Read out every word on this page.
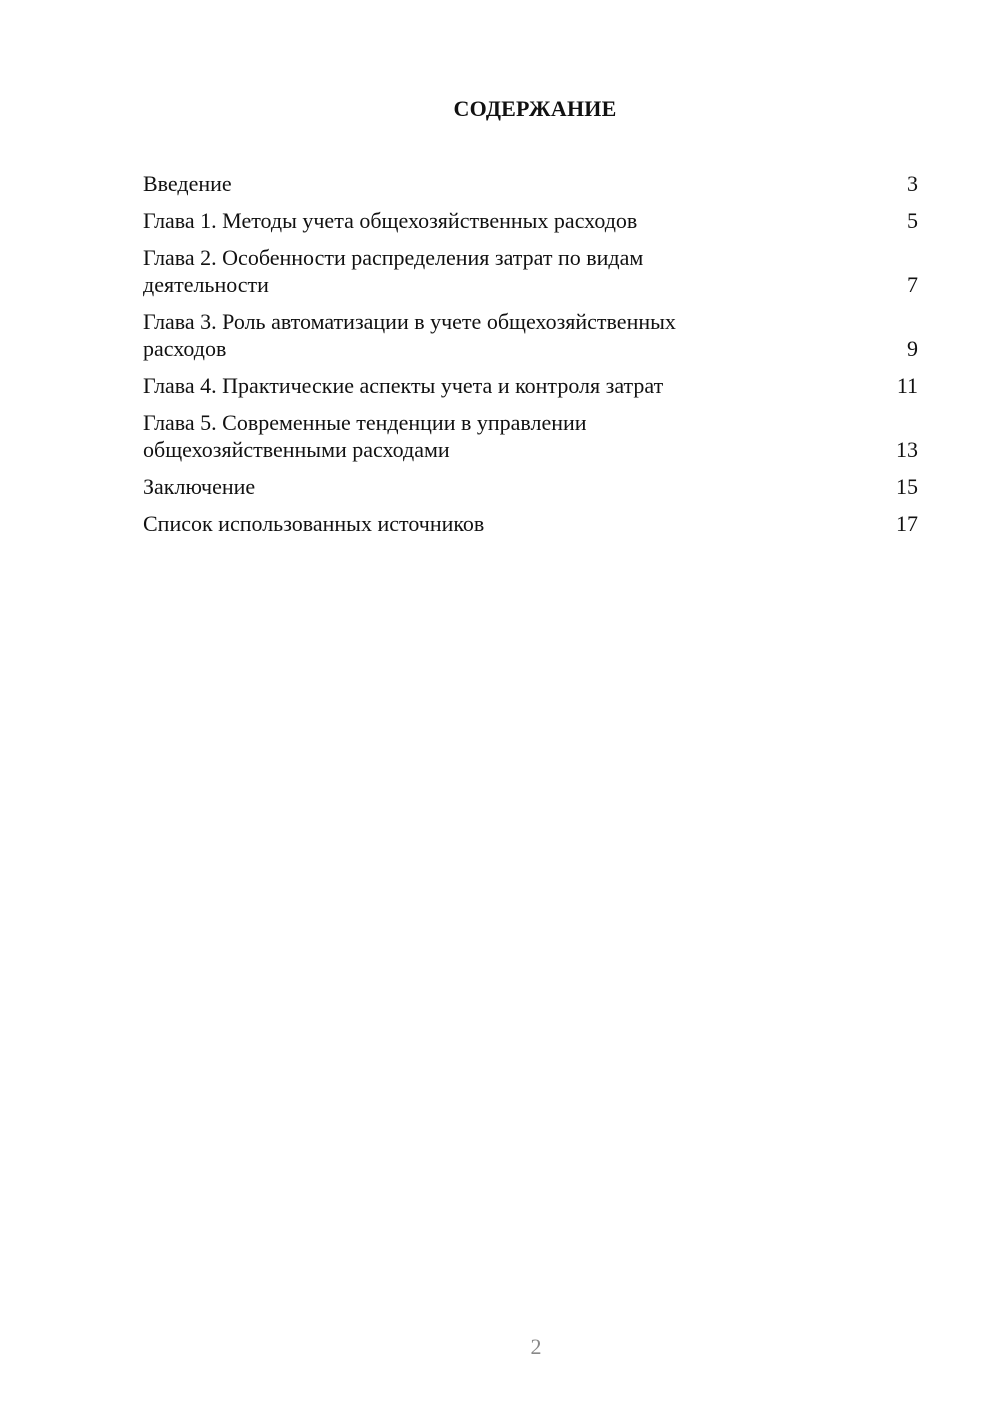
СОДЕРЖАНИЕ
Введение	3
Глава 1. Методы учета общехозяйственных расходов	5
Глава 2. Особенности распределения затрат по видам деятельности	7
Глава 3. Роль автоматизации в учете общехозяйственных расходов	9
Глава 4. Практические аспекты учета и контроля затрат	11
Глава 5. Современные тенденции в управлении общехозяйственными расходами	13
Заключение	15
Список использованных источников	17
2
